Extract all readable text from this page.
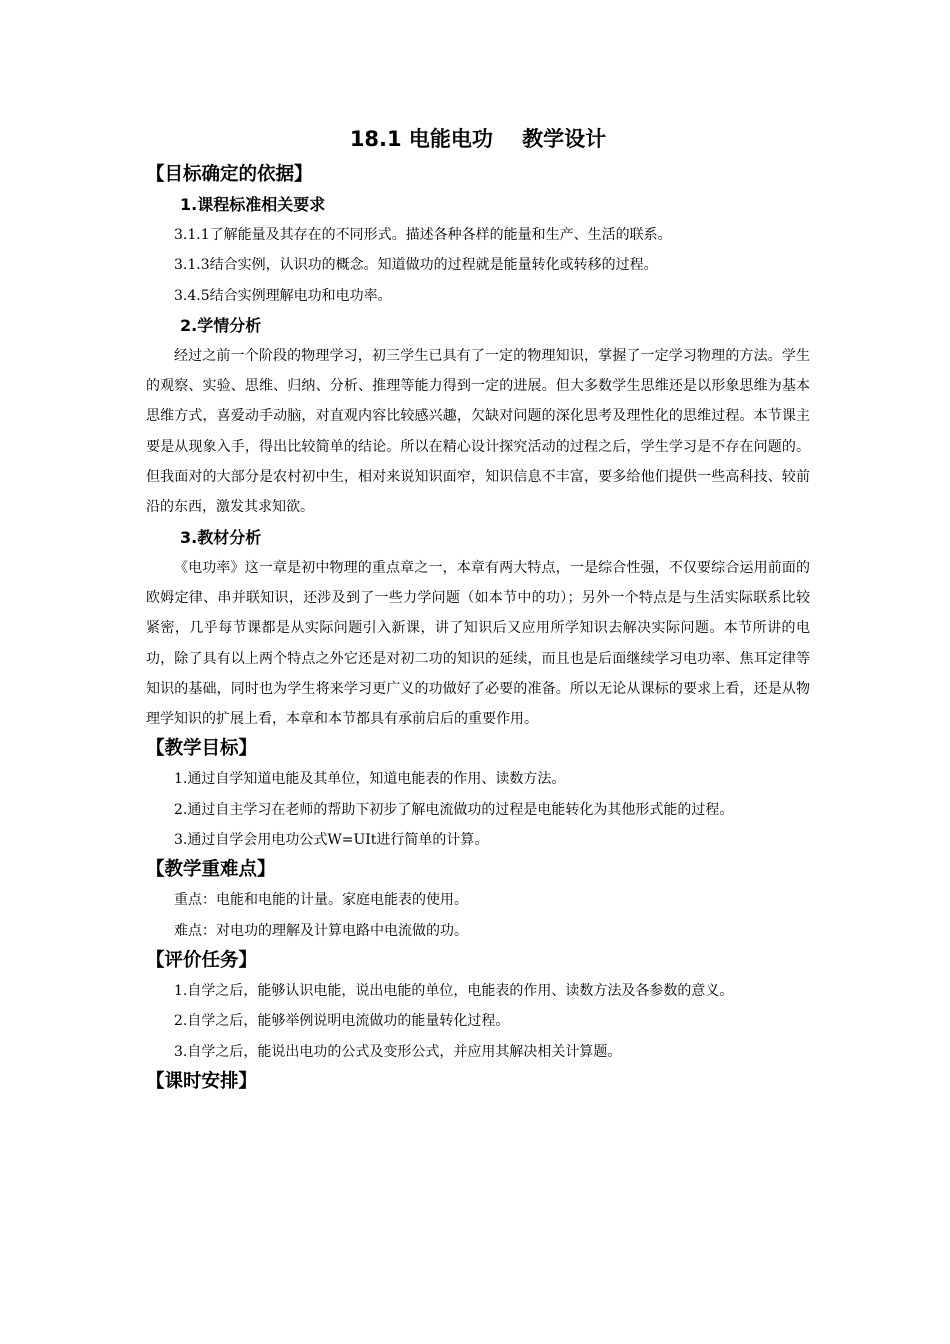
18.1 电能电功    教学设计
【目标确定的依据】
1.课程标准相关要求

3.1.1了解能量及其存在的不同形式。描述各种各样的能量和生产、生活的联系。

3.1.3结合实例，认识功的概念。知道做功的过程就是能量转化或转移的过程。

3.4.5结合实例理解电功和电功率。

2.学情分析

经过之前一个阶段的物理学习，初三学生已具有了一定的物理知识，掌握了一定学习物理的方法。学生的观察、实验、思维、归纳、分析、推理等能力得到一定的进展。但大多数学生思维还是以形象思维为基本思维方式，喜爱动手动脑，对直观内容比较感兴趣，欠缺对问题的深化思考及理性化的思维过程。本节课主要是从现象入手，得出比较简单的结论。所以在精心设计探究活动的过程之后，学生学习是不存在问题的。但我面对的大部分是农村初中生，相对来说知识面窄，知识信息不丰富，要多给他们提供一些高科技、较前沿的东西，激发其求知欲。

3.教材分析

《电功率》这一章是初中物理的重点章之一，本章有两大特点，一是综合性强，不仅要综合运用前面的欧姆定律、串并联知识，还涉及到了一些力学问题（如本节中的功）；另外一个特点是与生活实际联系比较紧密，几乎每节课都是从实际问题引入新课，讲了知识后又应用所学知识去解决实际问题。本节所讲的电功，除了具有以上两个特点之外它还是对初二功的知识的延续，而且也是后面继续学习电功率、焦耳定律等知识的基础，同时也为学生将来学习更广义的功做好了必要的准备。所以无论从课标的要求上看，还是从物理学知识的扩展上看，本章和本节都具有承前启后的重要作用。

【教学目标】

1.通过自学知道电能及其单位，知道电能表的作用、读数方法。

2.通过自主学习在老师的帮助下初步了解电流做功的过程是电能转化为其他形式能的过程。

3.通过自学会用电功公式W=UIt进行简单的计算。

【教学重难点】

重点：电能和电能的计量。家庭电能表的使用。

难点：对电功的理解及计算电路中电流做的功。

【评价任务】

1.自学之后，能够认识电能，说出电能的单位，电能表的作用、读数方法及各参数的意义。

2.自学之后，能够举例说明电流做功的能量转化过程。

3.自学之后，能说出电功的公式及变形公式，并应用其解决相关计算题。

【课时安排】
